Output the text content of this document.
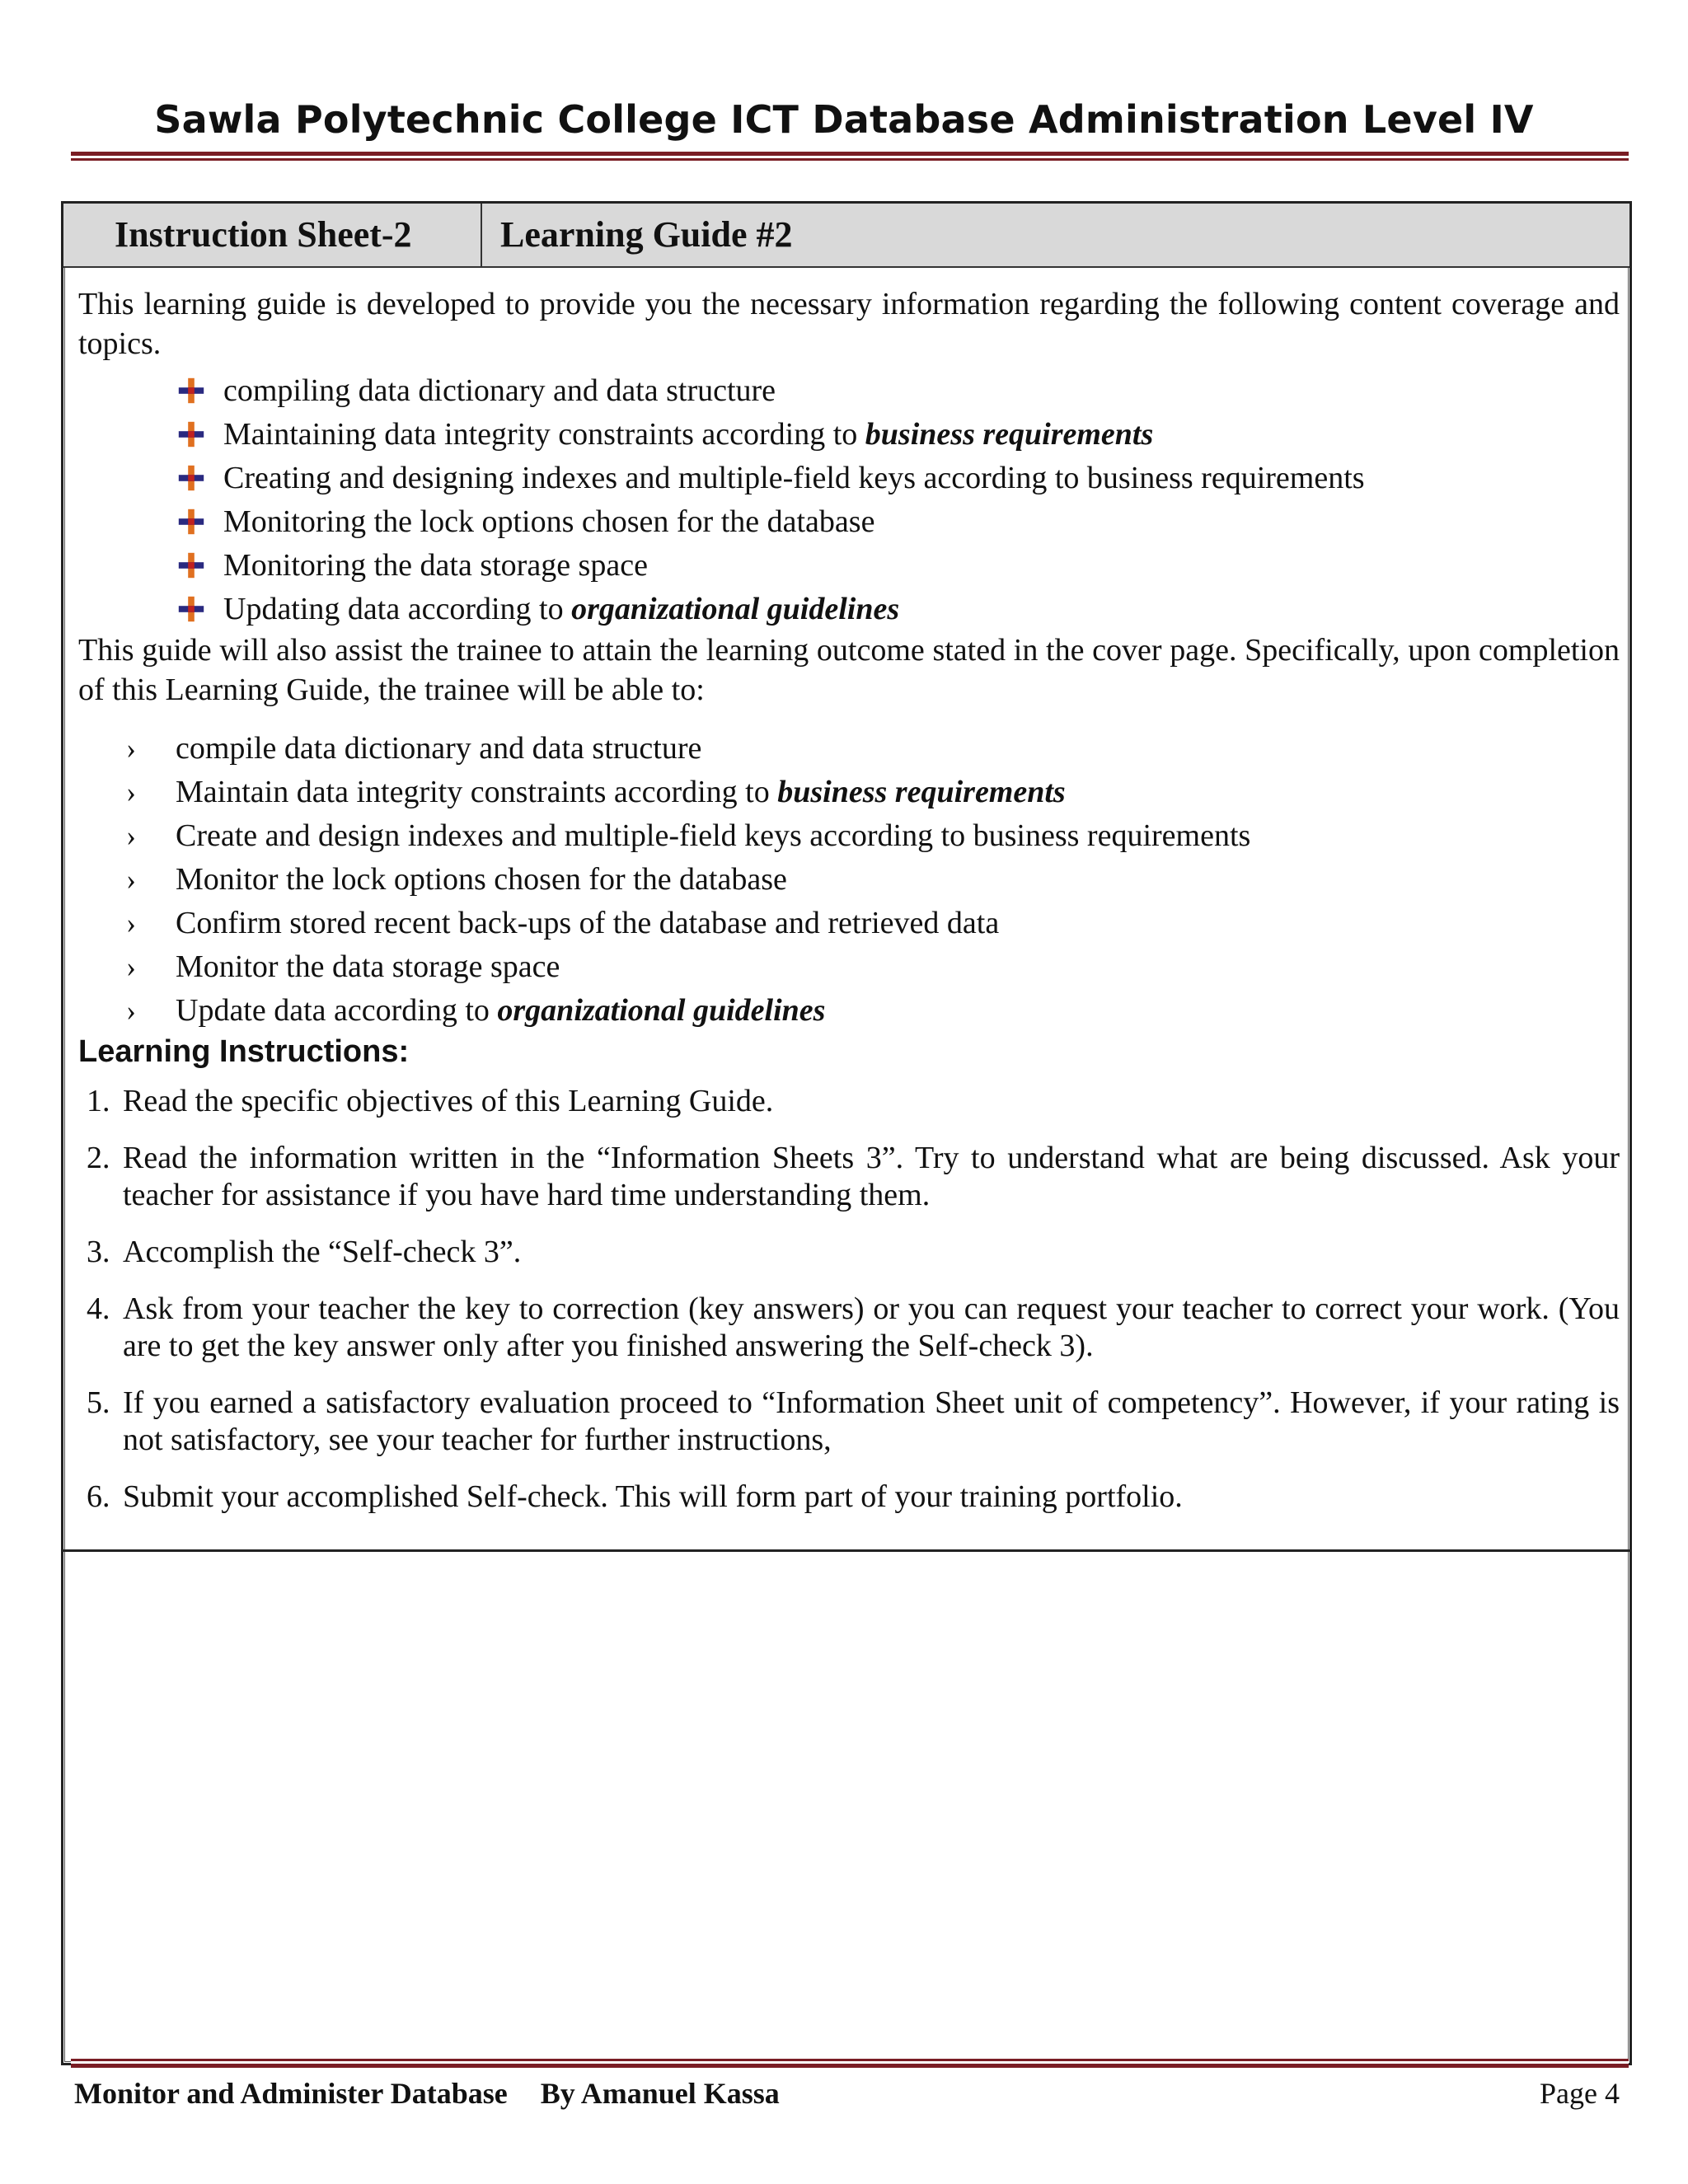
Sawla Polytechnic College ICT Database Administration Level IV
Instruction Sheet-2	Learning Guide #2

This learning guide is developed to provide you the necessary information regarding the following content coverage and topics.

compiling data dictionary and data structure
Maintaining data integrity constraints according to business requirements
Creating and designing indexes and multiple-field keys according to business requirements
Monitoring the lock options chosen for the database
Monitoring the data storage space
Updating data according to organizational guidelines

This guide will also assist the trainee to attain the learning outcome stated in the cover page. Specifically, upon completion of this Learning Guide, the trainee will be able to:

›	compile data dictionary and data structure
›	Maintain data integrity constraints according to business requirements
›	Create and design indexes and multiple-field keys according to business requirements
›	Monitor the lock options chosen for the database
›	Confirm stored recent back-ups of the database and retrieved data
›	Monitor the data storage space
›	Update data according to organizational guidelines
Learning Instructions:
1. Read the specific objectives of this Learning Guide.
2. Read the information written in the “Information Sheets 3”. Try to understand what are being discussed. Ask your teacher for assistance if you have hard time understanding them.
3. Accomplish the “Self-check 3”.
4. Ask from your teacher the key to correction (key answers) or you can request your teacher to correct your work. (You are to get the key answer only after you finished answering the Self-check 3).
5. If you earned a satisfactory evaluation proceed to “Information Sheet unit of competency”. However, if your rating is not satisfactory, see your teacher for further instructions,
6. Submit your accomplished Self-check. This will form part of your training portfolio.
Monitor and Administer Database By Amanuel Kassa	Page 4
